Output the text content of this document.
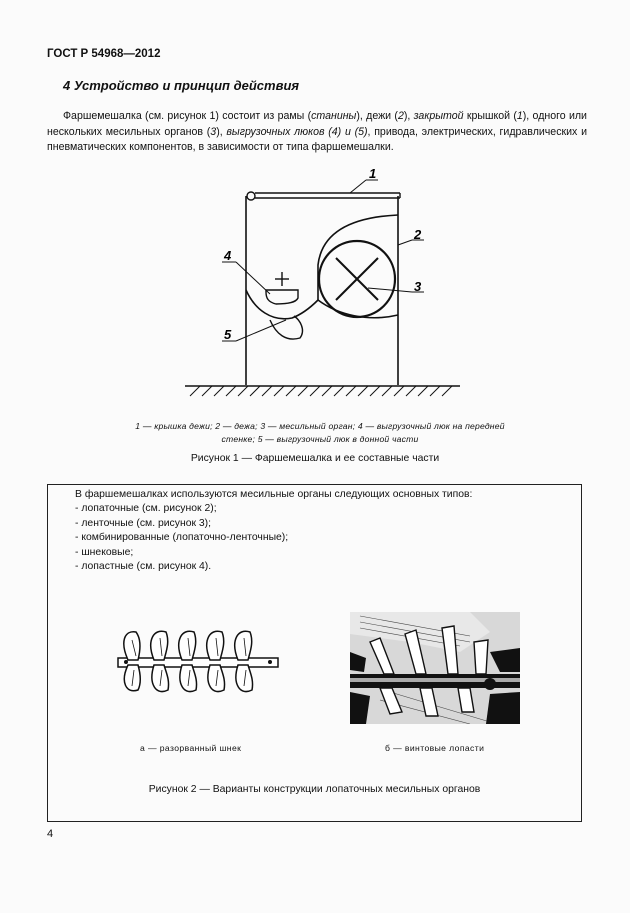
ГОСТ Р 54968—2012
4 Устройство и принцип действия
Фаршемешалка (см. рисунок 1) состоит из рамы (станины), дежи (2), закрытой крышкой (1), одного или нескольких месильных органов (3), выгрузочных люков (4) и (5), привода, электрических, гидравлических и пневматических компонентов, в зависимости от типа фаршемешалки.
1
2
3
4
5
1 — крышка дежи; 2 — дежа; 3 — месильный орган; 4 — выгрузочный люк на передней
стенке; 5 — выгрузочный люк в донной части
Рисунок 1 — Фаршемешалка и ее составные части
В фаршемешалках используются месильные органы следующих основных типов:
- лопаточные (см. рисунок 2);
- ленточные (см. рисунок 3);
- комбинированные (лопаточно-ленточные);
- шнековые;
- лопастные (см. рисунок 4).
а — разорванный шнек	б — винтовые лопасти
Рисунок 2 — Варианты конструкции лопаточных месильных органов
4
